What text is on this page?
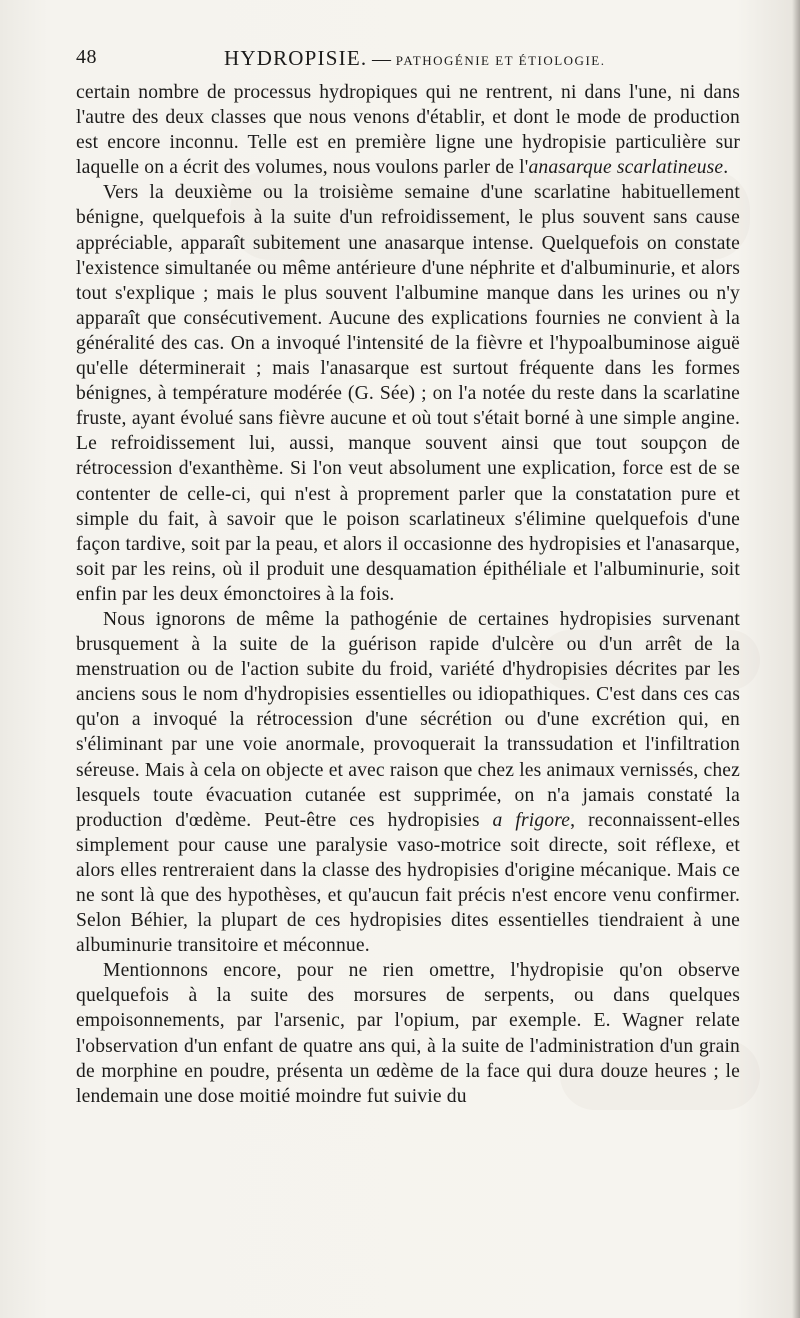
48	HYDROPISIE. — PATHOGÉNIE ET ÉTIOLOGIE.

certain nombre de processus hydropiques qui ne rentrent, ni dans l'une, ni dans l'autre des deux classes que nous venons d'établir, et dont le mode de production est encore inconnu. Telle est en première ligne une hydropisie particulière sur laquelle on a écrit des volumes, nous voulons parler de l'anasarque scarlatineuse.

Vers la deuxième ou la troisième semaine d'une scarlatine habituellement bénigne, quelquefois à la suite d'un refroidissement, le plus souvent sans cause appréciable, apparaît subitement une anasarque intense. Quelquefois on constate l'existence simultanée ou même antérieure d'une néphrite et d'albuminurie, et alors tout s'explique ; mais le plus souvent l'albumine manque dans les urines ou n'y apparaît que consécutivement. Aucune des explications fournies ne convient à la généralité des cas. On a invoqué l'intensité de la fièvre et l'hypoalbuminose aiguë qu'elle déterminerait ; mais l'anasarque est surtout fréquente dans les formes bénignes, à température modérée (G. Sée) ; on l'a notée du reste dans la scarlatine fruste, ayant évolué sans fièvre aucune et où tout s'était borné à une simple angine. Le refroidissement lui, aussi, manque souvent ainsi que tout soupçon de rétrocession d'exanthème. Si l'on veut absolument une explication, force est de se contenter de celle-ci, qui n'est à proprement parler que la constatation pure et simple du fait, à savoir que le poison scarlatineux s'élimine quelquefois d'une façon tardive, soit par la peau, et alors il occasionne des hydropisies et l'anasarque, soit par les reins, où il produit une desquamation épithéliale et l'albuminurie, soit enfin par les deux émonctoires à la fois.

Nous ignorons de même la pathogénie de certaines hydropisies survenant brusquement à la suite de la guérison rapide d'ulcère ou d'un arrêt de la menstruation ou de l'action subite du froid, variété d'hydropisies décrites par les anciens sous le nom d'hydropisies essentielles ou idiopathiques. C'est dans ces cas qu'on a invoqué la rétrocession d'une sécrétion ou d'une excrétion qui, en s'éliminant par une voie anormale, provoquerait la transsudation et l'infiltration séreuse. Mais à cela on objecte et avec raison que chez les animaux vernissés, chez lesquels toute évacuation cutanée est supprimée, on n'a jamais constaté la production d'œdème. Peut-être ces hydropisies a frigore, reconnaissent-elles simplement pour cause une paralysie vaso-motrice soit directe, soit réflexe, et alors elles rentreraient dans la classe des hydropisies d'origine mécanique. Mais ce ne sont là que des hypothèses, et qu'aucun fait précis n'est encore venu confirmer. Selon Béhier, la plupart de ces hydropisies dites essentielles tiendraient à une albuminurie transitoire et méconnue.

Mentionnons encore, pour ne rien omettre, l'hydropisie qu'on observe quelquefois à la suite des morsures de serpents, ou dans quelques empoisonnements, par l'arsenic, par l'opium, par exemple. E. Wagner relate l'observation d'un enfant de quatre ans qui, à la suite de l'administration d'un grain de morphine en poudre, présenta un œdème de la face qui dura douze heures ; le lendemain une dose moitié moindre fut suivie du
